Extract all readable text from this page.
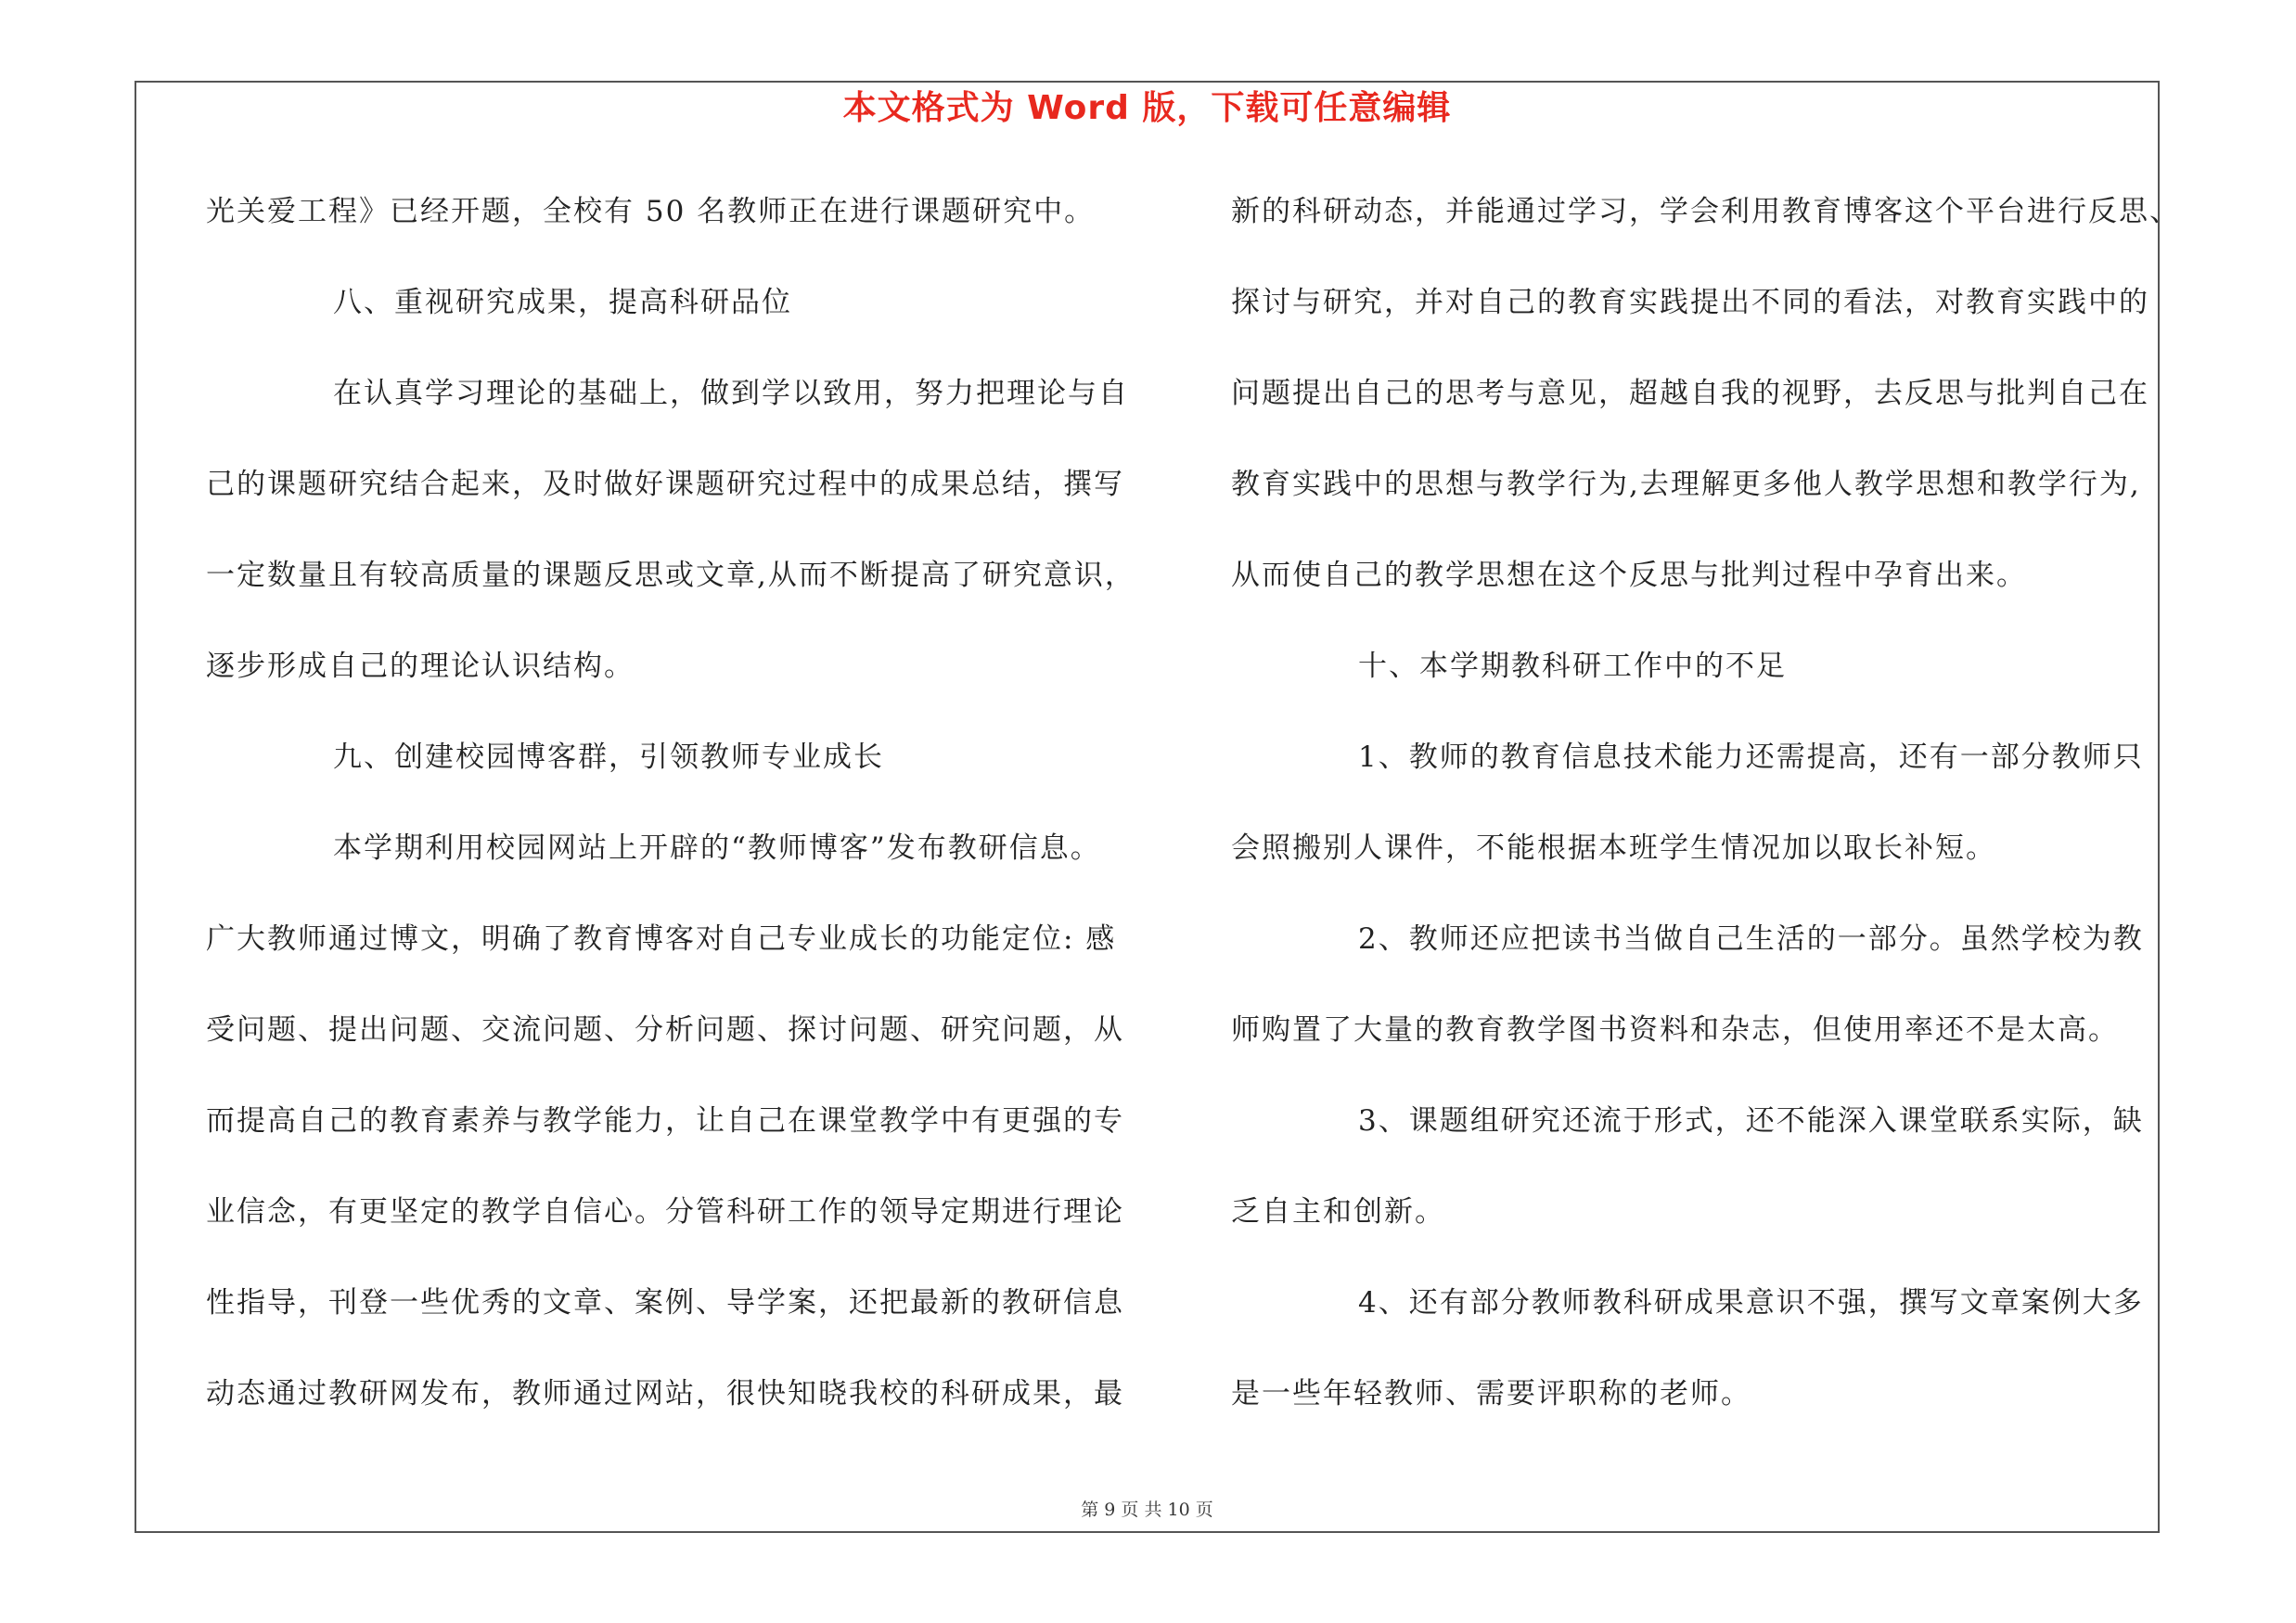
本文格式为 Word 版，下载可任意编辑
光关爱工程》已经开题，全校有 50 名教师正在进行课题研究中。
八、重视研究成果，提高科研品位
在认真学习理论的基础上，做到学以致用，努力把理论与自
己的课题研究结合起来，及时做好课题研究过程中的成果总结，撰写
一定数量且有较高质量的课题反思或文章,从而不断提高了研究意识，
逐步形成自己的理论认识结构。
九、创建校园博客群，引领教师专业成长
本学期利用校园网站上开辟的“教师博客”发布教研信息。
广大教师通过博文，明确了教育博客对自己专业成长的功能定位: 感
受问题、提出问题、交流问题、分析问题、探讨问题、研究问题，从
而提高自己的教育素养与教学能力，让自己在课堂教学中有更强的专
业信念，有更坚定的教学自信心。分管科研工作的领导定期进行理论
性指导，刊登一些优秀的文章、案例、导学案，还把最新的教研信息
动态通过教研网发布，教师通过网站，很快知晓我校的科研成果，最
新的科研动态，并能通过学习，学会利用教育博客这个平台进行反思、
探讨与研究，并对自己的教育实践提出不同的看法，对教育实践中的
问题提出自己的思考与意见，超越自我的视野，去反思与批判自己在
教育实践中的思想与教学行为,去理解更多他人教学思想和教学行为,
从而使自己的教学思想在这个反思与批判过程中孕育出来。
十、本学期教科研工作中的不足
1、教师的教育信息技术能力还需提高，还有一部分教师只
会照搬别人课件，不能根据本班学生情况加以取长补短。
2、教师还应把读书当做自己生活的一部分。虽然学校为教
师购置了大量的教育教学图书资料和杂志，但使用率还不是太高。
3、课题组研究还流于形式，还不能深入课堂联系实际，缺
乏自主和创新。
4、还有部分教师教科研成果意识不强，撰写文章案例大多
是一些年轻教师、需要评职称的老师。
第 9 页 共 10 页
